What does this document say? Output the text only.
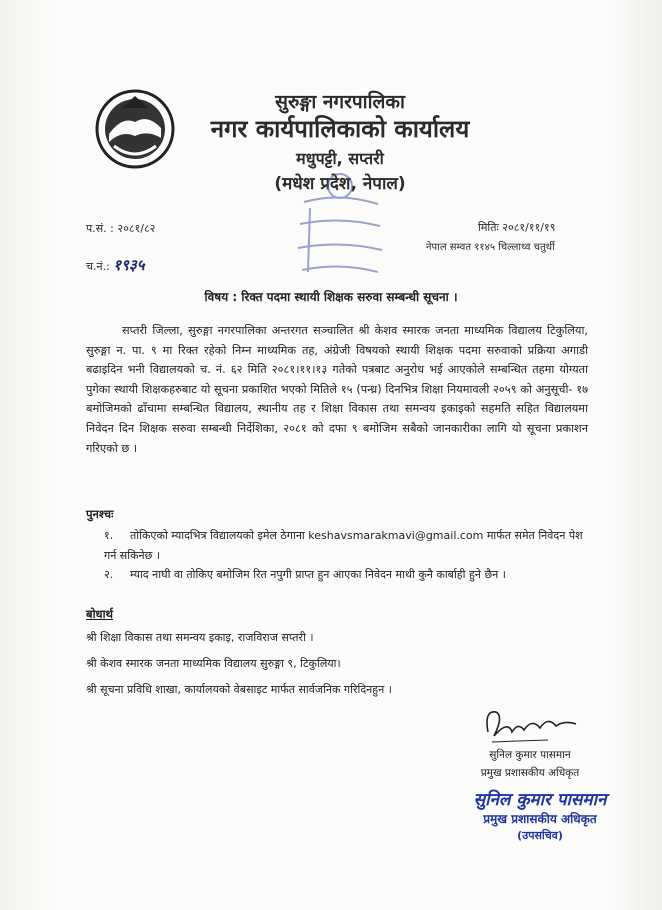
सुरुङ्गा नगरपालिका
नगर कार्यपालिकाको कार्यालय
मधुपट्टी, सप्तरी
(मधेश प्रदेश, नेपाल)
प.सं. : २०८१/८२	मितिः २०८१/११/१९
नेपाल सम्वत ११४५ चिल्लाथ्व चतुर्थी
च.नं.: १९३५
विषय : रिक्त पदमा स्थायी शिक्षक सरुवा सम्बन्धी सूचना ।
सप्तरी जिल्ला, सुरुङ्गा नगरपालिका अन्तरगत सञ्चालित श्री केशव स्मारक जनता माध्यमिक विद्यालय टिकुलिया, सुरुङ्गा न. पा. ९ मा रिक्त रहेको निम्न माध्यमिक तह, अंग्रेजी विषयको स्थायी शिक्षक पदमा सरुवाको प्रक्रिया अगाडी बढाइदिन भनी विद्यालयको च. नं. ६२ मिति २०८१।११।१३ गतेको पत्रबाट अनुरोध भई आएकोले सम्बन्धित तहमा योग्यता पुगेका स्थायी शिक्षकहरुबाट यो सूचना प्रकाशित भएको मितिले १५ (पन्ध्र) दिनभित्र शिक्षा नियमावली २०५९ को अनुसूची- १७ बमोजिमको ढाँचामा सम्बन्धित विद्यालय, स्थानीय तह र शिक्षा विकास तथा समन्वय इकाइको सहमति सहित विद्यालयमा निवेदन दिन शिक्षक सरुवा सम्बन्धी निर्देशिका, २०८१ को दफा ९ बमोजिम सबैको जानकारीका लागि यो सूचना प्रकाशन गरिएको छ ।
पुनश्चः
१. तोकिएको म्यादभित्र विद्यालयको इमेल ठेगाना keshavsmarakmavi@gmail.com मार्फत समेत निवेदन पेश गर्न सकिनेछ ।
२. म्याद नाघी वा तोकिए बमोजिम रित नपुगी प्राप्त हुन आएका निवेदन माथी कुनै कार्बाही हुने छैन ।
बोधार्थ
श्री शिक्षा विकास तथा समन्वय इकाइ, राजविराज सप्तरी ।
श्री केशव स्मारक जनता माध्यमिक विद्यालय सुरुङ्गा ९, टिकुलिया।
श्री सूचना प्रविधि शाखा, कार्यालयको वेबसाइट मार्फत सार्वजनिक गरिदिनहुन ।
सुनिल कुमार पासमान
प्रमुख प्रशासकीय अधिकृत
सुनिल कुमार पासमान
प्रमुख प्रशासकीय अधिकृत
(उपसचिव)
